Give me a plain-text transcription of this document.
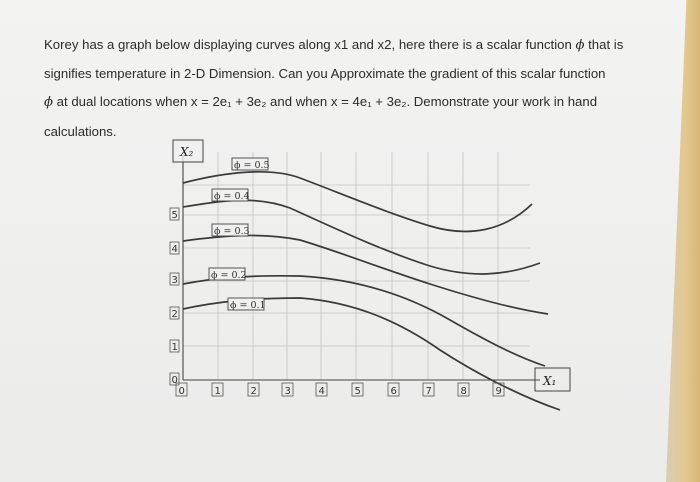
Korey has a graph below displaying curves along x1 and x2, here there is a scalar function ϕ that is
signifies temperature in 2-D Dimension. Can you Approximate the gradient of this scalar function
ϕ at dual locations when x = 2e₁ + 3e₂ and when x = 4e₁ + 3e₂. Demonstrate your work in hand
calculations.
X₂
X₁
ϕ = 0.5
ϕ = 0.4
ϕ = 0.3
ϕ = 0.2
ϕ = 0.1
5
4
3
2
1
0
0	1	2	3	4	5	6	7	8	9
